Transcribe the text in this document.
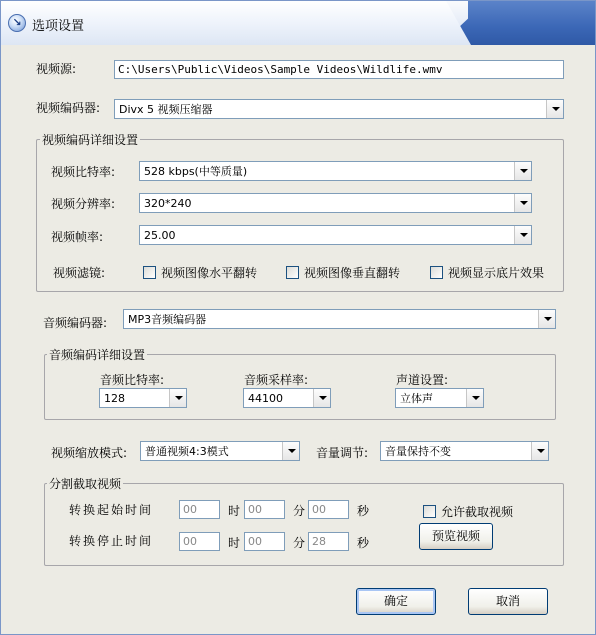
↘ 选项设置
视频源:	C:\Users\Public\Videos\Sample Videos\Wildlife.wmv
视频编码器:	Divx 5 视频压缩器
视频编码详细设置
视频比特率:	528 kbps(中等质量)
视频分辨率:	320*240
视频帧率:	25.00
视频滤镜:	视频图像水平翻转	视频图像垂直翻转	视频显示底片效果
音频编码器:	MP3音频编码器
音频编码详细设置
音频比特率:
128
音频采样率:
44100
声道设置:
立体声
视频缩放模式:	普通视频4:3模式	音量调节:	音量保持不变
分割截取视频
转换起始时间	00	时 00	分 00	秒	允许截取视频
转换停止时间	00	时 00	分 28	秒	预览视频
确定	取消
